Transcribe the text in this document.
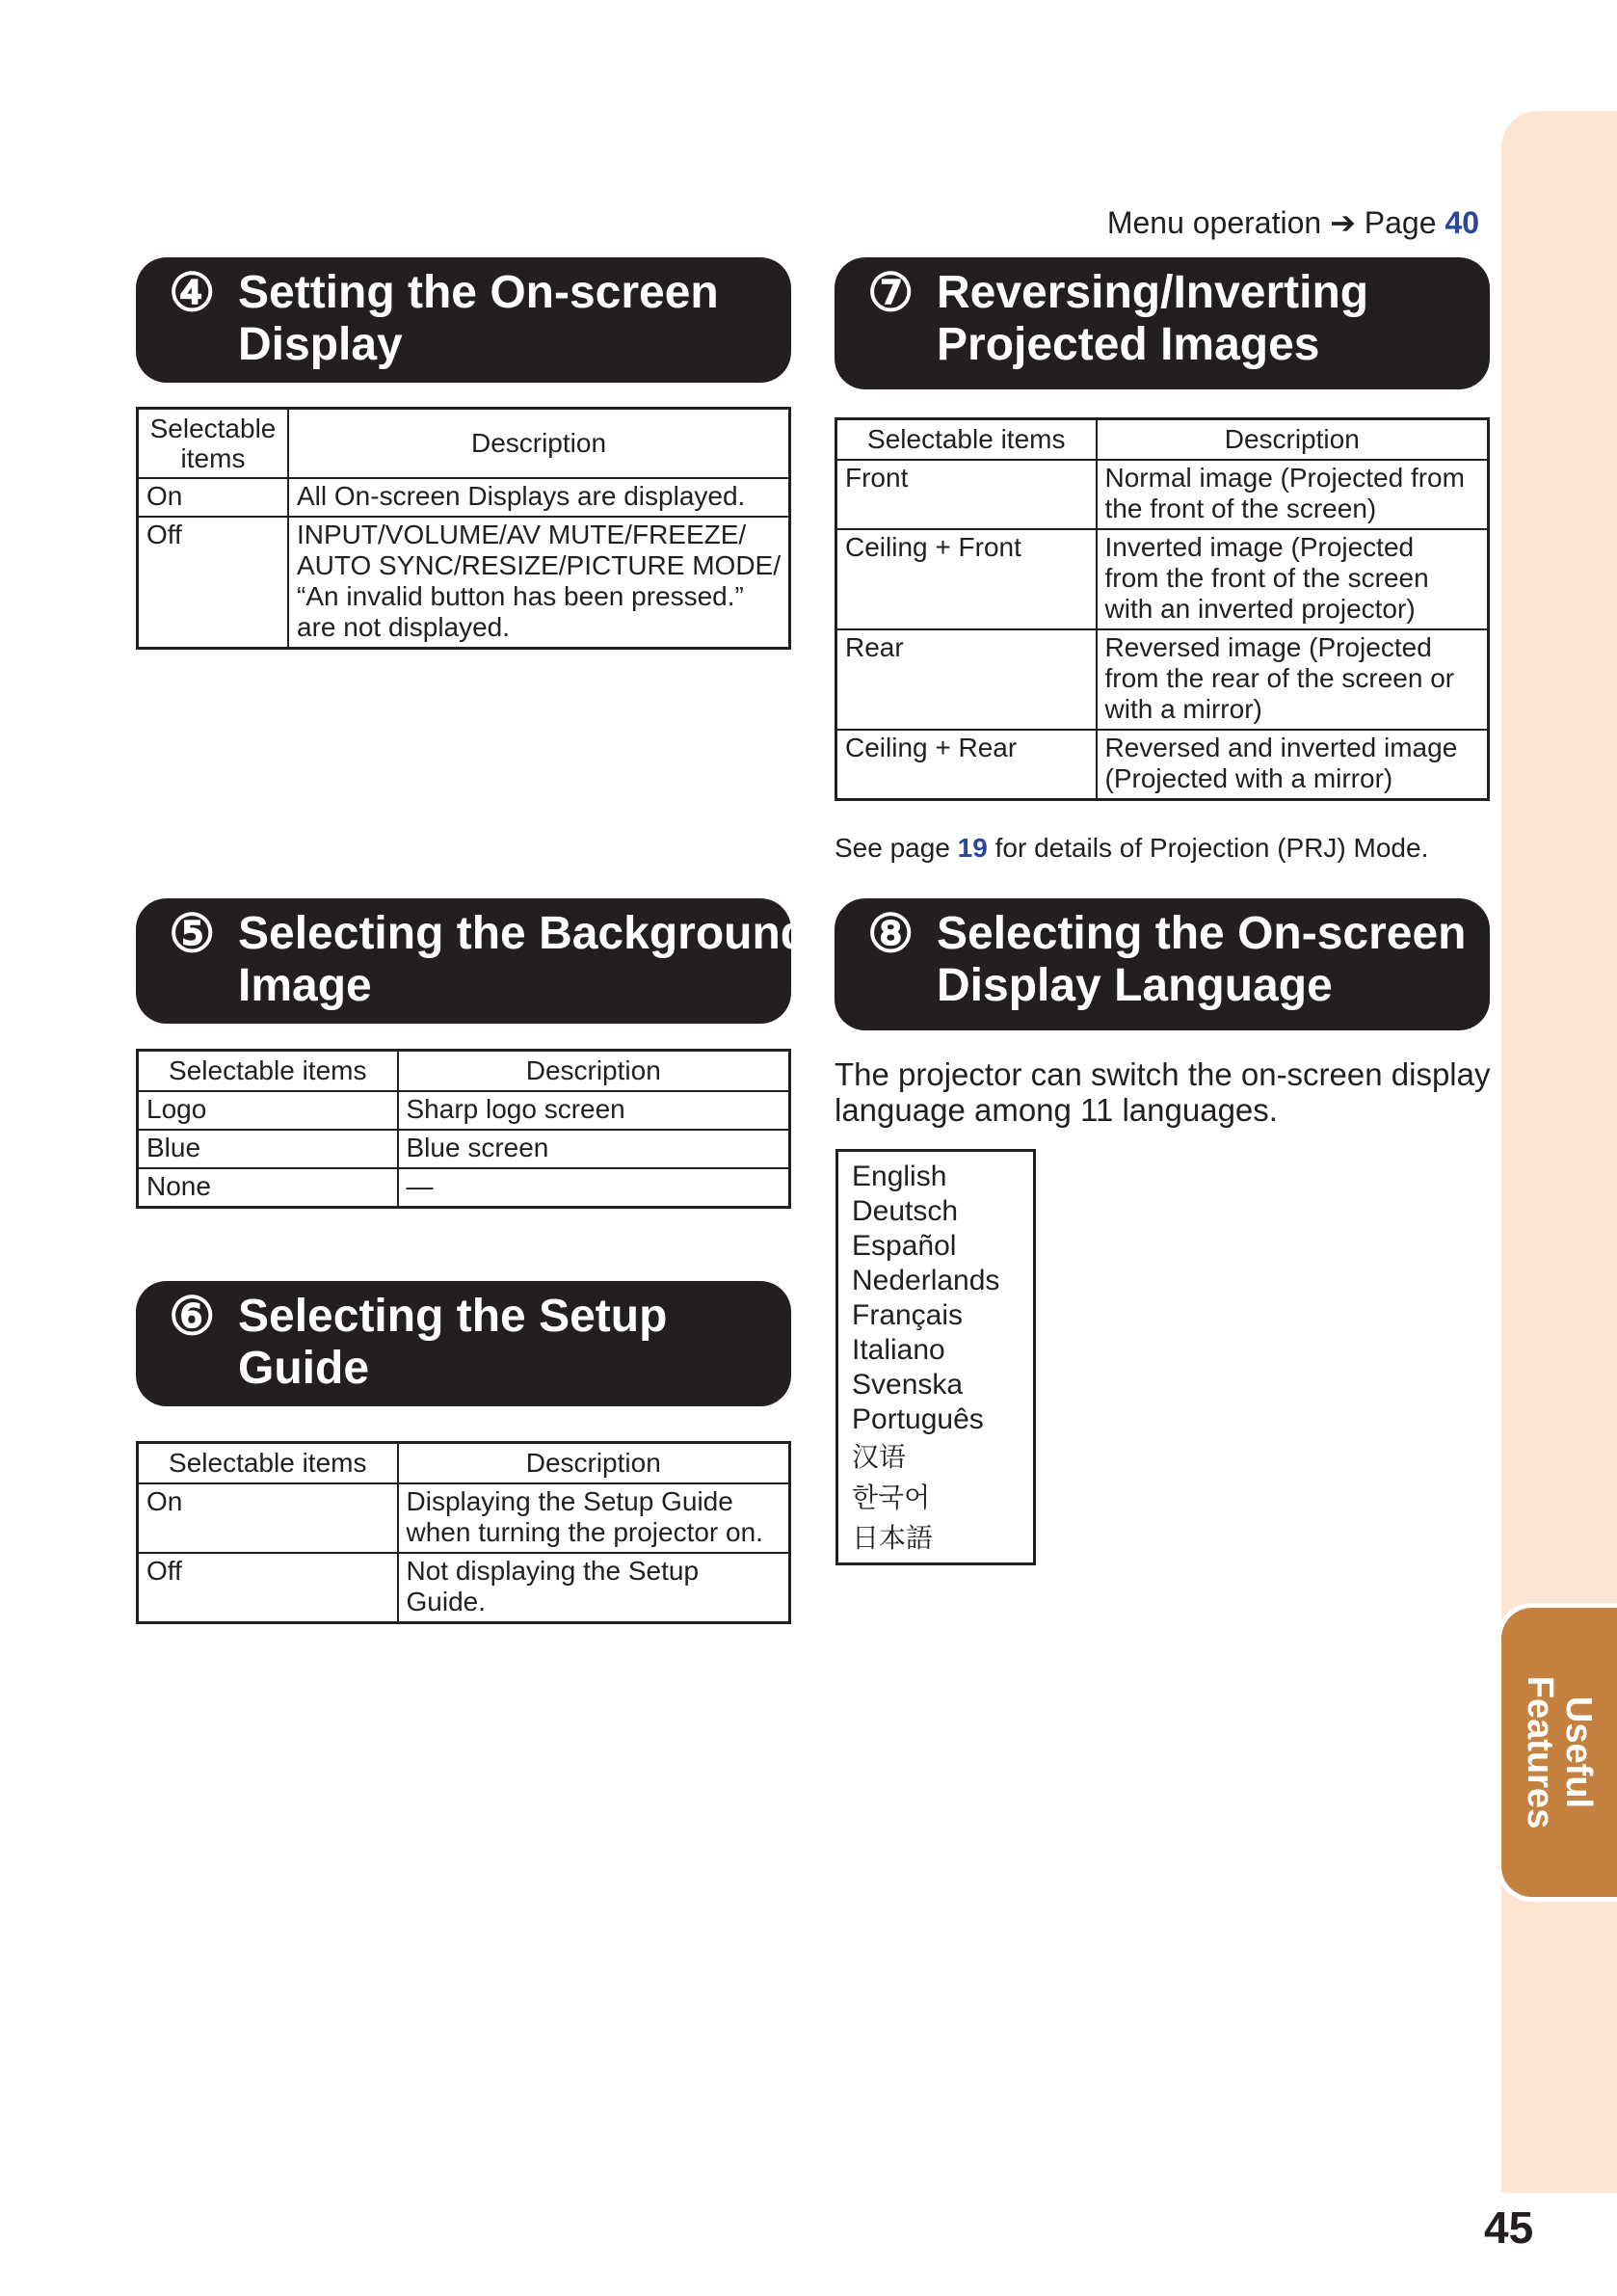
Useful
Features
Menu operation ➔ Page 40
④ Setting the On-screen
Display
Selectable
items	Description
On	All On-screen Displays are displayed.
Off	INPUT/VOLUME/AV MUTE/FREEZE/
AUTO SYNC/RESIZE/PICTURE MODE/
“An invalid button has been pressed.”
are not displayed.
⑤ Selecting the Background
Image
Selectable items	Description
Logo	Sharp logo screen
Blue	Blue screen
None	—
⑥ Selecting the Setup
Guide
Selectable items	Description
On	Displaying the Setup Guide
when turning the projector on.
Off	Not displaying the Setup
Guide.
⑦ Reversing/Inverting
Projected Images
Selectable items	Description
Front	Normal image (Projected from
the front of the screen)
Ceiling + Front	Inverted image (Projected
from the front of the screen
with an inverted projector)
Rear	Reversed image (Projected
from the rear of the screen or
with a mirror)
Ceiling + Rear	Reversed and inverted image
(Projected with a mirror)
See page 19 for details of Projection (PRJ) Mode.
⑧ Selecting the On-screen
Display Language
The projector can switch the on-screen display language among 11 languages.
English
Deutsch
Español
Nederlands
Français
Italiano
Svenska
Português
汉语
한국어
日本語
45
